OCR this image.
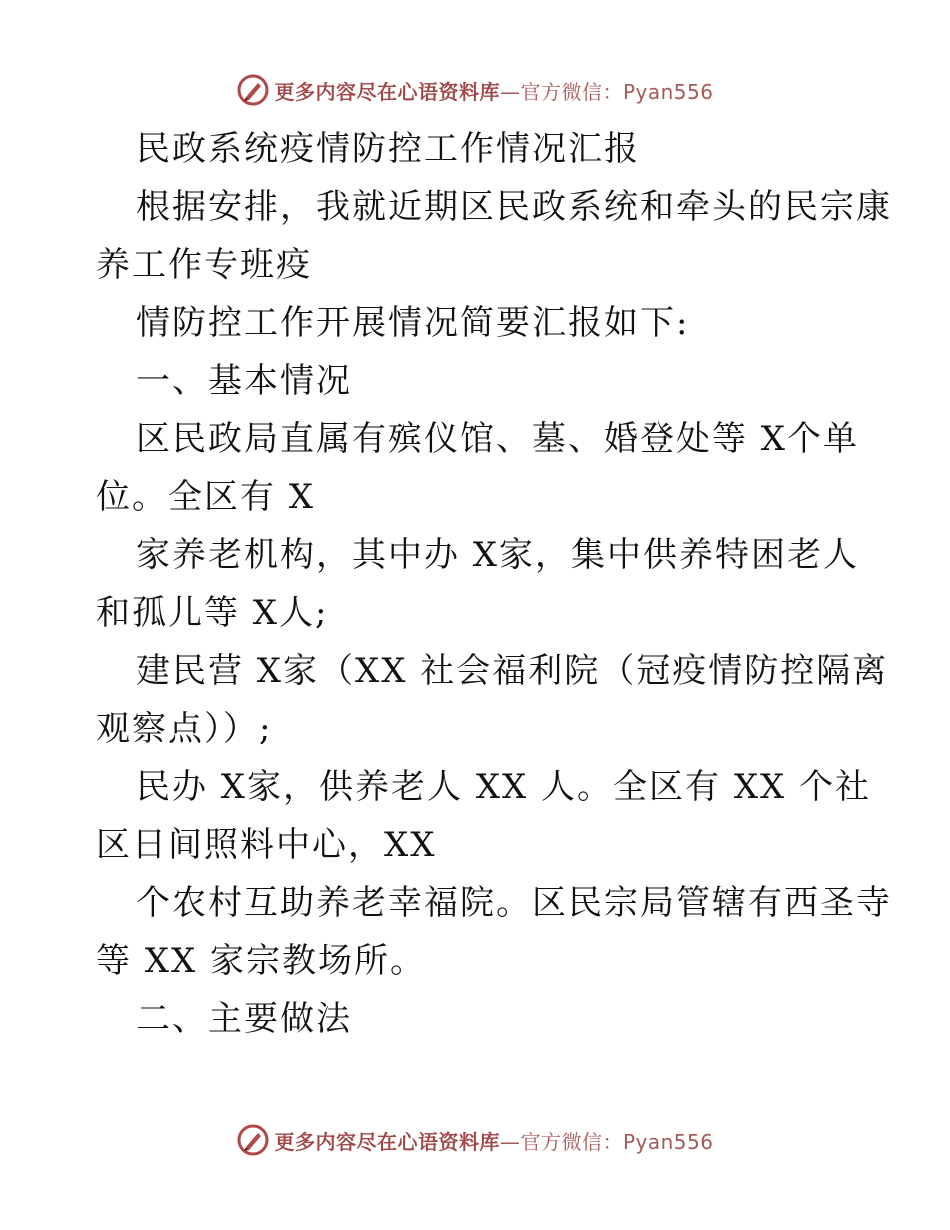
更多内容尽在心语资料库—官方微信：Pyan556
民政系统疫情防控工作情况汇报
根据安排，我就近期区民政系统和牵头的民宗康
养工作专班疫
情防控工作开展情况简要汇报如下:
一、基本情况
区民政局直属有殡仪馆、墓、婚登处等 X个单
位。全区有 X
家养老机构，其中办 X家，集中供养特困老人
和孤儿等 X人;
建民营 X家（XX 社会福利院（冠疫情防控隔离
观察点））;
民办 X家，供养老人 XX 人。全区有 XX 个社
区日间照料中心，XX
个农村互助养老幸福院。区民宗局管辖有西圣寺
等 XX 家宗教场所。
二、主要做法
更多内容尽在心语资料库—官方微信：Pyan556
